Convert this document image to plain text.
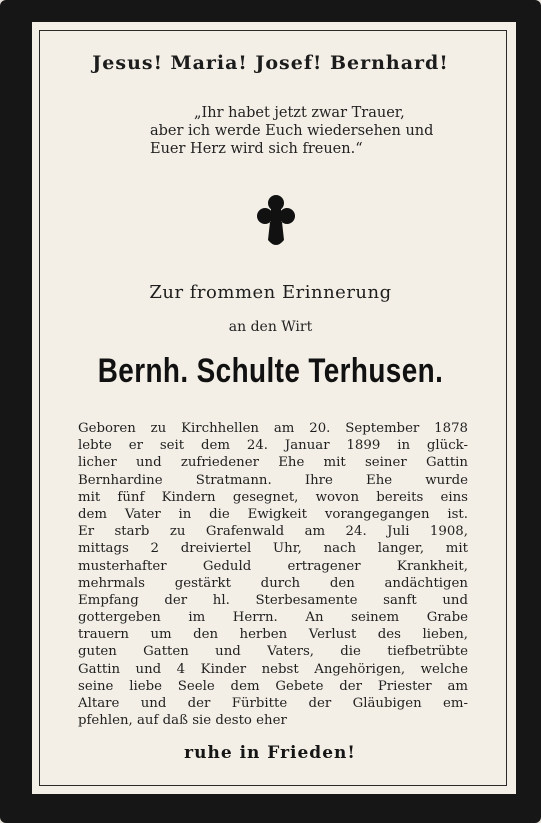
Jesus! Maria! Josef! Bernhard!
„Ihr habet jetzt zwar Trauer,
aber ich werde Euch wiedersehen und
Euer Herz wird sich freuen.“
Zur frommen Erinnerung
an den Wirt
Bernh. Schulte Terhusen.
Geboren zu Kirchhellen am 20. September 1878
lebte er seit dem 24. Januar 1899 in glück-
licher und zufriedener Ehe mit seiner Gattin
Bernhardine Stratmann. Ihre Ehe wurde
mit fünf Kindern gesegnet, wovon bereits eins
dem Vater in die Ewigkeit vorangegangen ist.
Er starb zu Grafenwald am 24. Juli 1908,
mittags 2 dreiviertel Uhr, nach langer, mit
musterhafter Geduld ertragener Krankheit,
mehrmals gestärkt durch den andächtigen
Empfang der hl. Sterbesamente sanft und
gottergeben im Herrn. An seinem Grabe
trauern um den herben Verlust des lieben,
guten Gatten und Vaters, die tiefbetrübte
Gattin und 4 Kinder nebst Angehörigen, welche
seine liebe Seele dem Gebete der Priester am
Altare und der Fürbitte der Gläubigen em-
pfehlen, auf daß sie desto eher
ruhe in Frieden!
